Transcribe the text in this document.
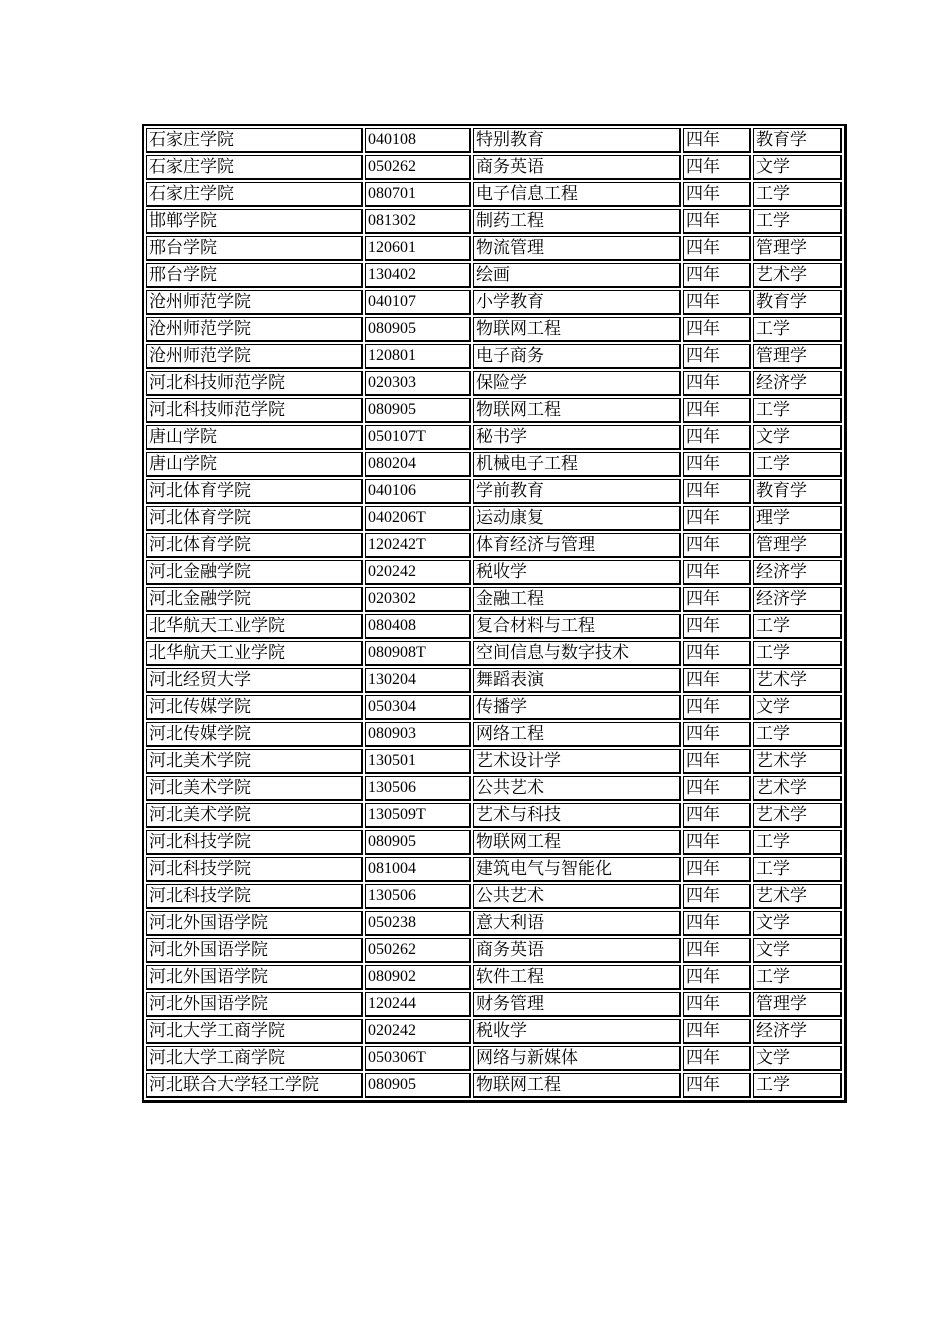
石家庄学院	040108	特别教育	四年	教育学
石家庄学院	050262	商务英语	四年	文学
石家庄学院	080701	电子信息工程	四年	工学
邯郸学院	081302	制药工程	四年	工学
邢台学院	120601	物流管理	四年	管理学
邢台学院	130402	绘画	四年	艺术学
沧州师范学院	040107	小学教育	四年	教育学
沧州师范学院	080905	物联网工程	四年	工学
沧州师范学院	120801	电子商务	四年	管理学
河北科技师范学院	020303	保险学	四年	经济学
河北科技师范学院	080905	物联网工程	四年	工学
唐山学院	050107T	秘书学	四年	文学
唐山学院	080204	机械电子工程	四年	工学
河北体育学院	040106	学前教育	四年	教育学
河北体育学院	040206T	运动康复	四年	理学
河北体育学院	120242T	体育经济与管理	四年	管理学
河北金融学院	020242	税收学	四年	经济学
河北金融学院	020302	金融工程	四年	经济学
北华航天工业学院	080408	复合材料与工程	四年	工学
北华航天工业学院	080908T	空间信息与数字技术	四年	工学
河北经贸大学	130204	舞蹈表演	四年	艺术学
河北传媒学院	050304	传播学	四年	文学
河北传媒学院	080903	网络工程	四年	工学
河北美术学院	130501	艺术设计学	四年	艺术学
河北美术学院	130506	公共艺术	四年	艺术学
河北美术学院	130509T	艺术与科技	四年	艺术学
河北科技学院	080905	物联网工程	四年	工学
河北科技学院	081004	建筑电气与智能化	四年	工学
河北科技学院	130506	公共艺术	四年	艺术学
河北外国语学院	050238	意大利语	四年	文学
河北外国语学院	050262	商务英语	四年	文学
河北外国语学院	080902	软件工程	四年	工学
河北外国语学院	120244	财务管理	四年	管理学
河北大学工商学院	020242	税收学	四年	经济学
河北大学工商学院	050306T	网络与新媒体	四年	文学
河北联合大学轻工学院	080905	物联网工程	四年	工学
